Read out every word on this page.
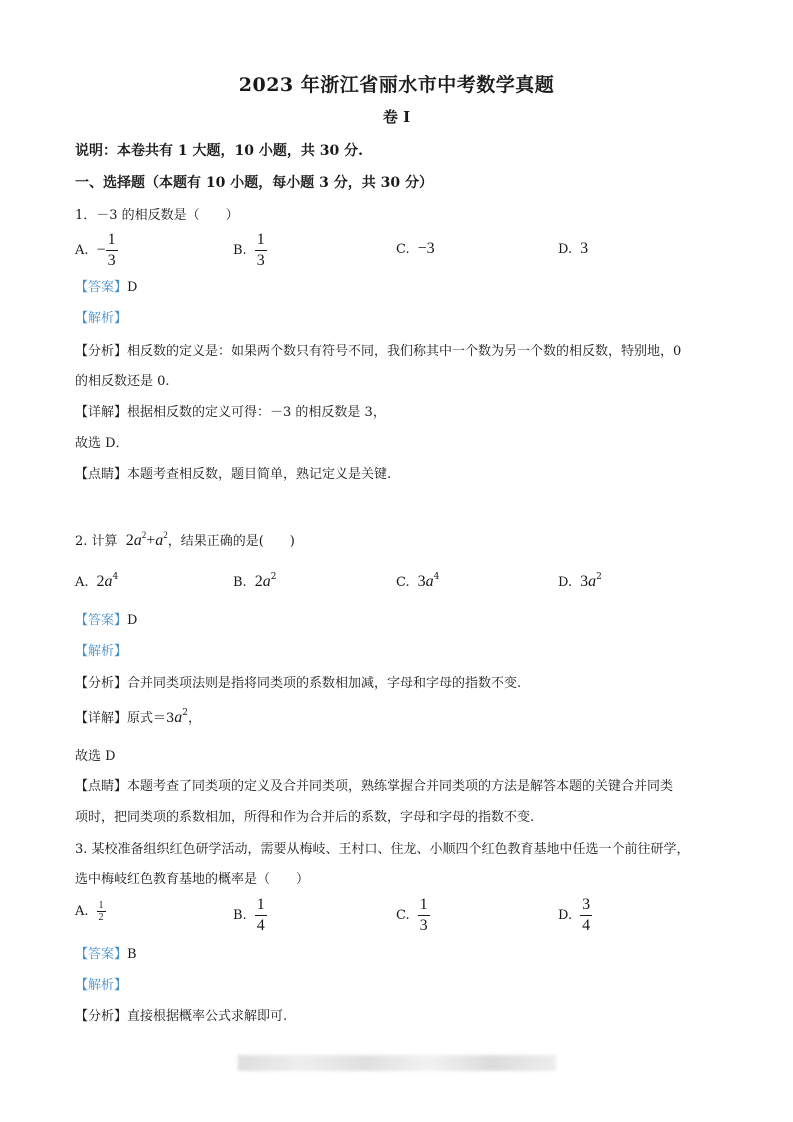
2023 年浙江省丽水市中考数学真题
卷 I
说明：本卷共有 1 大题，10 小题，共 30 分.
一、选择题（本题有 10 小题，每小题 3 分，共 30 分）
1．－3 的相反数是（　　）
A. − $\frac{1}{3}$	B. $\frac{1}{3}$	C. −3	D. 3
【答案】D
【解析】
【分析】相反数的定义是：如果两个数只有符号不同，我们称其中一个数为另一个数的相反数，特别地，0
的相反数还是 0.
【详解】根据相反数的定义可得：－3 的相反数是 3，
故选 D．
【点睛】本题考查相反数，题目简单，熟记定义是关键.
2. 计算 $2a^2+a^2$，结果正确的是(　　)
A. $2a^4$	B. $2a^2$	C. $3a^4$	D. $3a^2$
【答案】D
【解析】
【分析】合并同类项法则是指将同类项的系数相加减，字母和字母的指数不变.
【详解】原式$=3a^2$，
故选 D
【点睛】本题考查了同类项的定义及合并同类项，熟练掌握合并同类项的方法是解答本题的关键合并同类
项时，把同类项的系数相加，所得和作为合并后的系数，字母和字母的指数不变.
3. 某校准备组织红色研学活动，需要从梅岐、王村口、住龙、小顺四个红色教育基地中任选一个前往研学，
选中梅岐红色教育基地的概率是（　　）
A. $\frac{1}{2}$	B. $\frac{1}{4}$	C. $\frac{1}{3}$	D. $\frac{3}{4}$
【答案】B
【解析】
【分析】直接根据概率公式求解即可.
